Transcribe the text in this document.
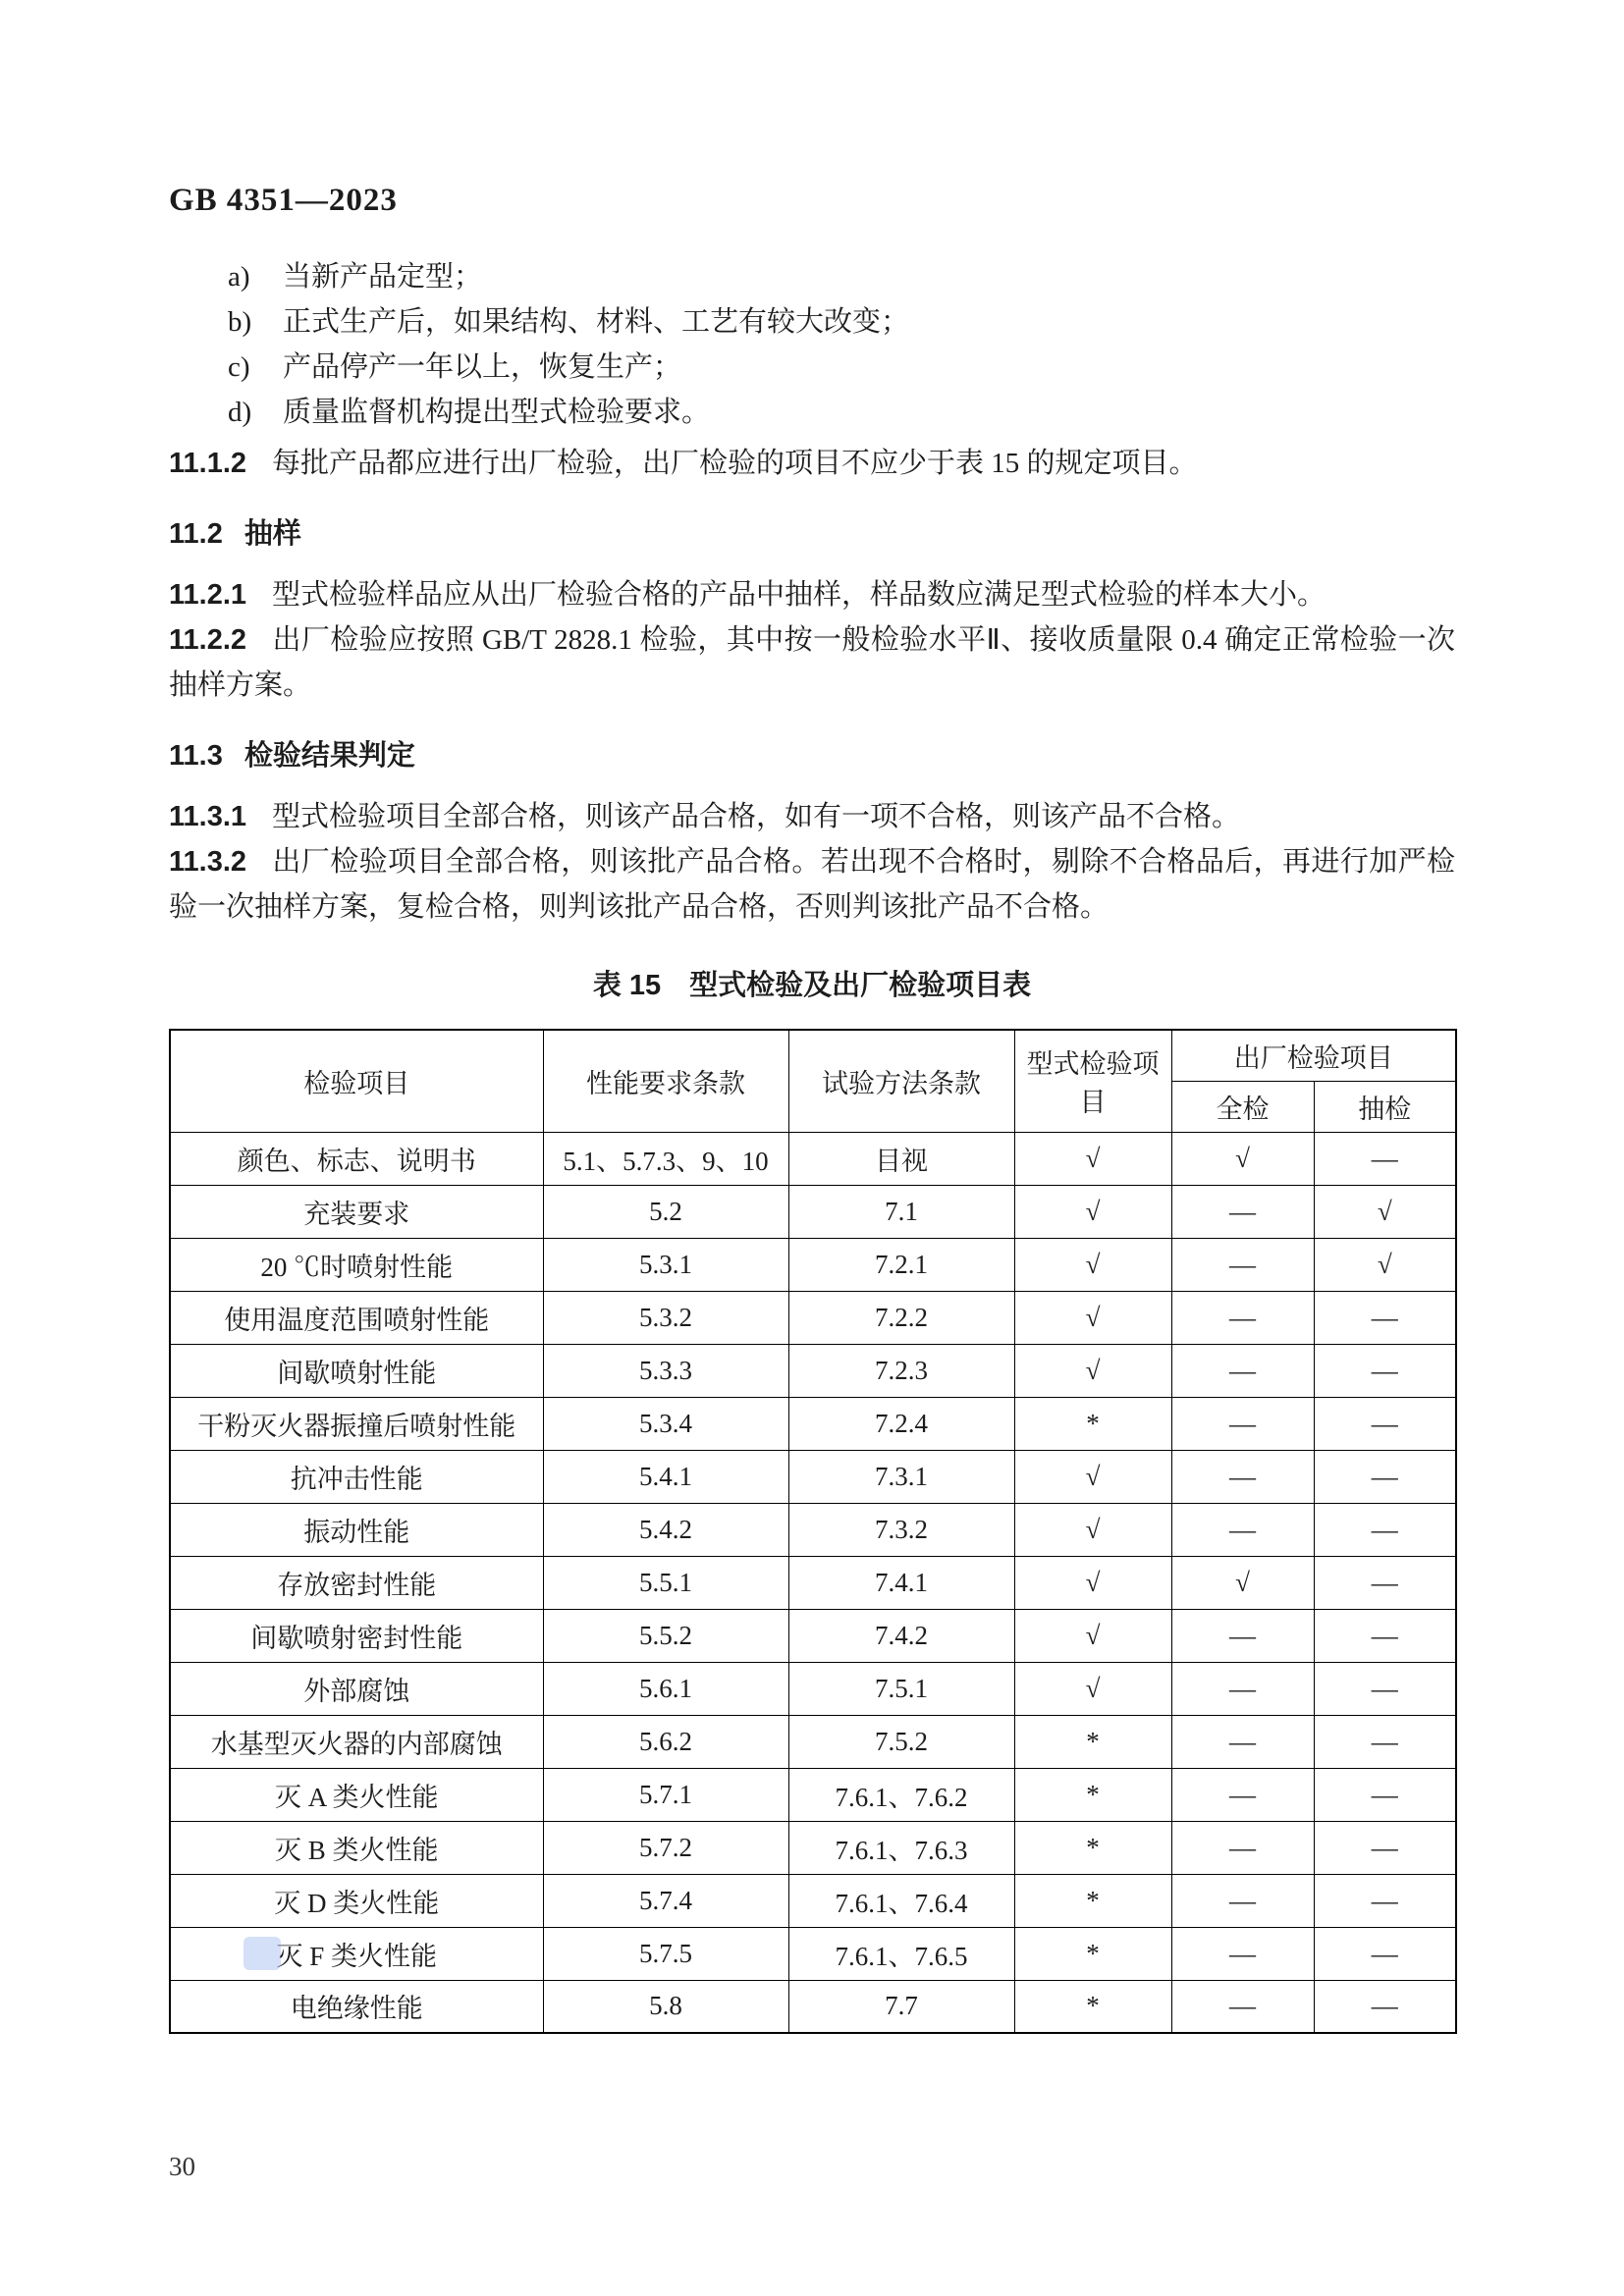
GB 4351—2023
a)	当新产品定型；
b)	正式生产后，如果结构、材料、工艺有较大改变；
c)	产品停产一年以上，恢复生产；
d)	质量监督机构提出型式检验要求。

11.1.2 每批产品都应进行出厂检验，出厂检验的项目不应少于表 15 的规定项目。

11.2 抽样

11.2.1 型式检验样品应从出厂检验合格的产品中抽样，样品数应满足型式检验的样本大小。

11.2.2 出厂检验应按照 GB/T 2828.1 检验，其中按一般检验水平Ⅱ、接收质量限 0.4 确定正常检验一次抽样方案。

11.3 检验结果判定

11.3.1 型式检验项目全部合格，则该产品合格，如有一项不合格，则该产品不合格。

11.3.2 出厂检验项目全部合格，则该批产品合格。若出现不合格时，剔除不合格品后，再进行加严检验一次抽样方案，复检合格，则判该批产品合格，否则判该批产品不合格。

表 15　型式检验及出厂检验项目表
检验项目	性能要求条款	试验方法条款	型式检验项目	出厂检验项目	
				全检	抽检
颜色、标志、说明书	5.1、5.7.3、9、10	目视	√	√	—
充装要求	5.2	7.1	√	—	√
20 ℃时喷射性能	5.3.1	7.2.1	√	—	√
使用温度范围喷射性能	5.3.2	7.2.2	√	—	—
间歇喷射性能	5.3.3	7.2.3	√	—	—
干粉灭火器振撞后喷射性能	5.3.4	7.2.4	*	—	—
抗冲击性能	5.4.1	7.3.1	√	—	—
振动性能	5.4.2	7.3.2	√	—	—
存放密封性能	5.5.1	7.4.1	√	√	—
间歇喷射密封性能	5.5.2	7.4.2	√	—	—
外部腐蚀	5.6.1	7.5.1	√	—	—
水基型灭火器的内部腐蚀	5.6.2	7.5.2	*	—	—
灭 A 类火性能	5.7.1	7.6.1、7.6.2	*	—	—
灭 B 类火性能	5.7.2	7.6.1、7.6.3	*	—	—
灭 D 类火性能	5.7.4	7.6.1、7.6.4	*	—	—
灭 F 类火性能	5.7.5	7.6.1、7.6.5	*	—	—
电绝缘性能	5.8	7.7	*	—	—
30
